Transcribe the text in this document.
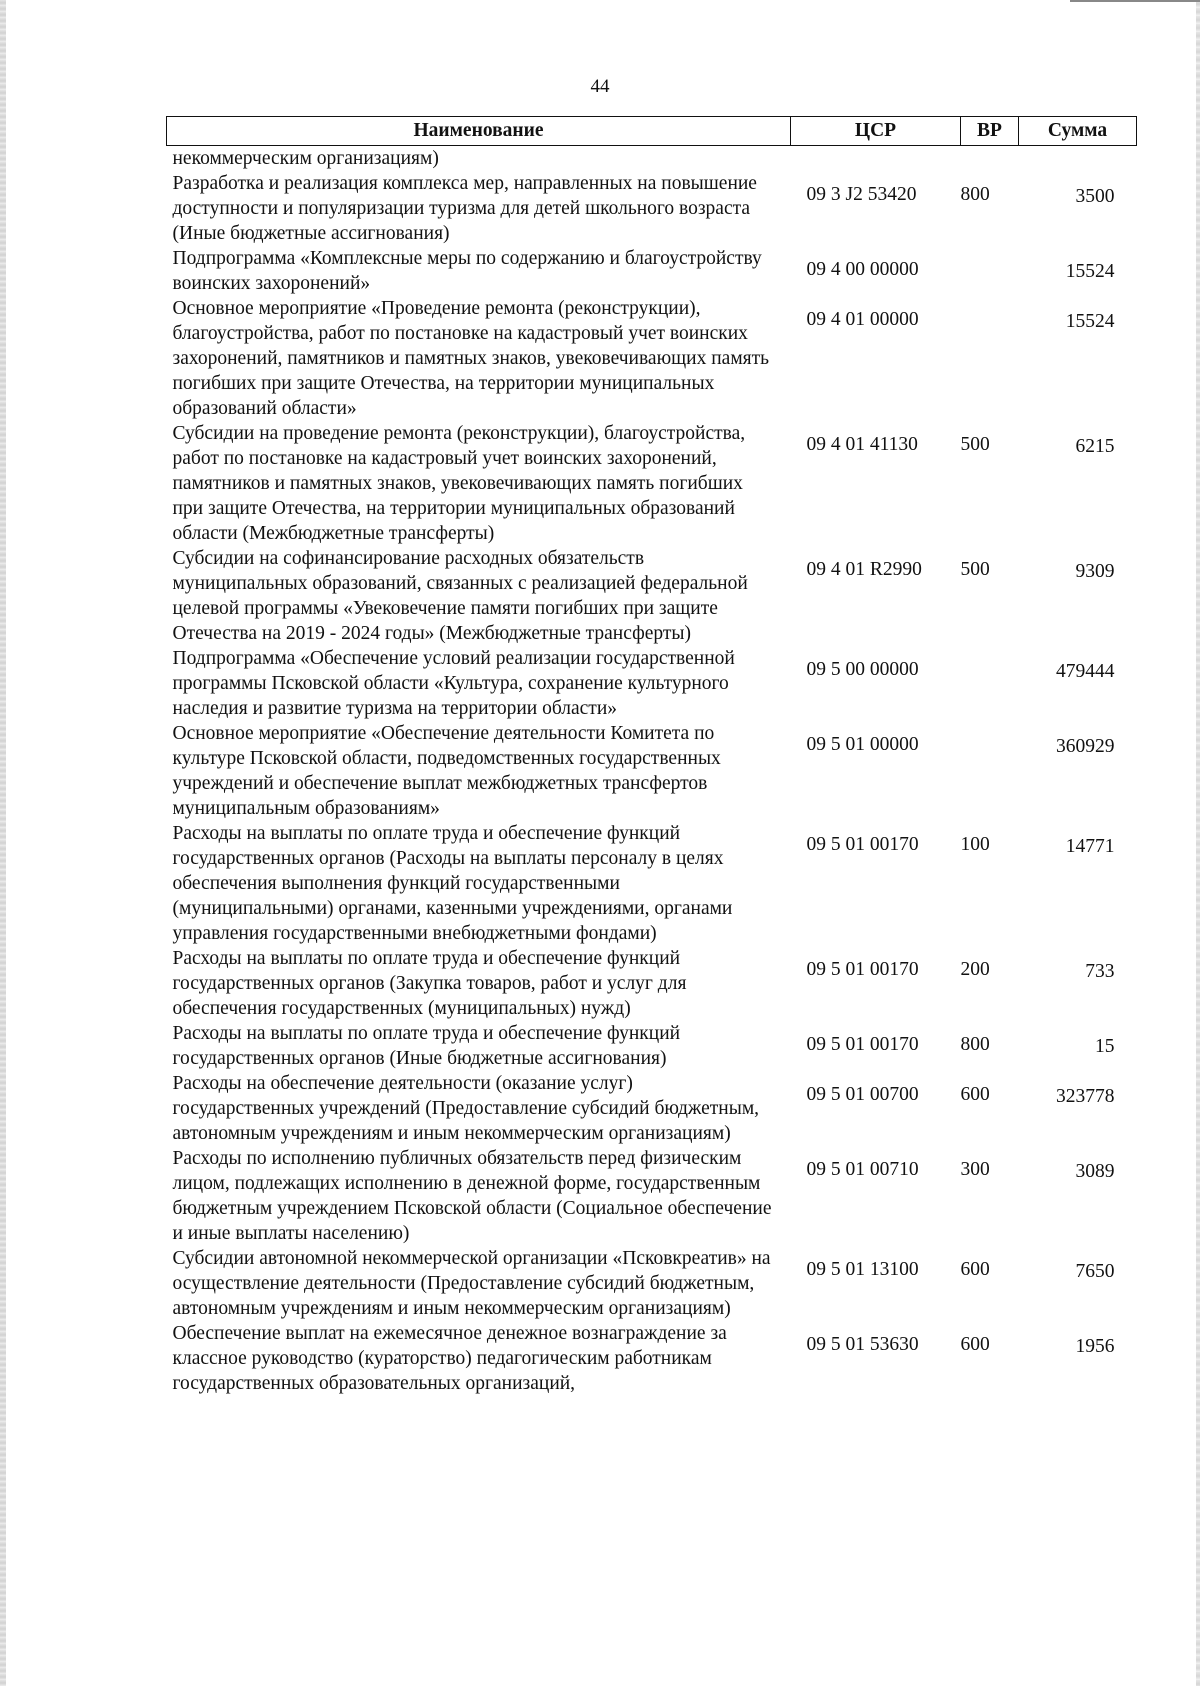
44
Наименование	ЦСР	ВР	Сумма
некоммерческим организациям)			
Разработка и реализация комплекса мер, направленных на повышение доступности и популяризации туризма для детей школьного возраста (Иные бюджетные ассигнования)	09 3 J2 53420	800	3500
Подпрограмма «Комплексные меры по содержанию и благоустройству воинских захоронений»	09 4 00 00000		15524
Основное мероприятие «Проведение ремонта (реконструкции), благоустройства, работ по постановке на кадастровый учет воинских захоронений, памятников и памятных знаков, увековечивающих память погибших при защите Отечества, на территории муниципальных образований области»	09 4 01 00000		15524
Субсидии на проведение ремонта (реконструкции), благоустройства, работ по постановке на кадастровый учет воинских захоронений, памятников и памятных знаков, увековечивающих память погибших при защите Отечества, на территории муниципальных образований области (Межбюджетные трансферты)	09 4 01 41130	500	6215
Субсидии на софинансирование расходных обязательств муниципальных образований, связанных с реализацией федеральной целевой программы «Увековечение памяти погибших при защите Отечества на 2019 - 2024 годы» (Межбюджетные трансферты)	09 4 01 R2990	500	9309
Подпрограмма «Обеспечение условий реализации государственной программы Псковской области «Культура, сохранение культурного наследия и развитие туризма на территории области»	09 5 00 00000		479444
Основное мероприятие «Обеспечение деятельности Комитета по культуре Псковской области, подведомственных государственных учреждений и обеспечение выплат межбюджетных трансфертов муниципальным образованиям»	09 5 01 00000		360929
Расходы на выплаты по оплате труда и обеспечение функций государственных органов (Расходы на выплаты персоналу в целях обеспечения выполнения функций государственными (муниципальными) органами, казенными учреждениями, органами управления государственными внебюджетными фондами)	09 5 01 00170	100	14771
Расходы на выплаты по оплате труда и обеспечение функций государственных органов (Закупка товаров, работ и услуг для обеспечения государственных (муниципальных) нужд)	09 5 01 00170	200	733
Расходы на выплаты по оплате труда и обеспечение функций государственных органов (Иные бюджетные ассигнования)	09 5 01 00170	800	15
Расходы на обеспечение деятельности (оказание услуг) государственных учреждений (Предоставление субсидий бюджетным, автономным учреждениям и иным некоммерческим организациям)	09 5 01 00700	600	323778
Расходы по исполнению публичных обязательств перед физическим лицом, подлежащих исполнению в денежной форме, государственным бюджетным учреждением Псковской области (Социальное обеспечение и иные выплаты населению)	09 5 01 00710	300	3089
Субсидии автономной некоммерческой организации «Псковкреатив» на осуществление деятельности (Предоставление субсидий бюджетным, автономным учреждениям и иным некоммерческим организациям)	09 5 01 13100	600	7650
Обеспечение выплат на ежемесячное денежное вознаграждение за классное руководство (кураторство) педагогическим работникам государственных образовательных организаций,	09 5 01 53630	600	1956
